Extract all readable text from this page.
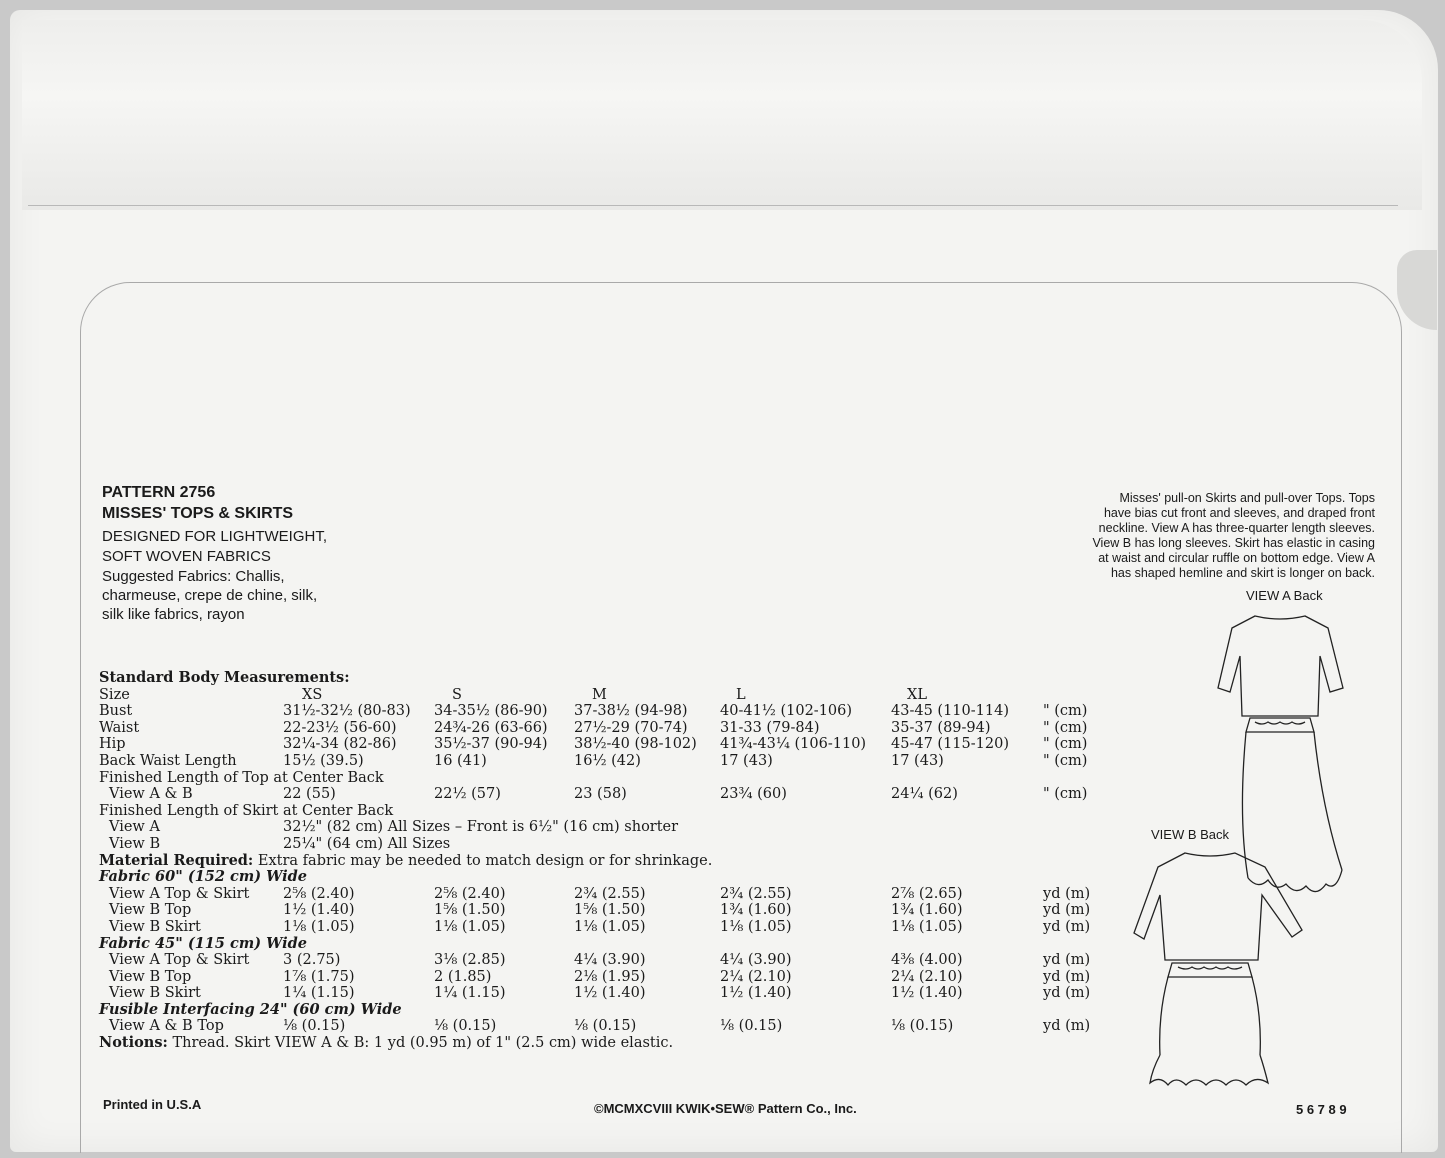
PATTERN 2756

MISSES' TOPS & SKIRTS

DESIGNED FOR LIGHTWEIGHT,

SOFT WOVEN FABRICS

Suggested Fabrics: Challis,

charmeuse, crepe de chine, silk,

silk like fabrics, rayon

Misses' pull-on Skirts and pull-over Tops. Tops
have bias cut front and sleeves, and draped front
neckline. View A has three-quarter length sleeves.
View B has long sleeves. Skirt has elastic in casing
at waist and circular ruffle on bottom edge. View A
has shaped hemline and skirt is longer on back.
VIEW A Back
VIEW B Back
Standard Body Measurements:
Size	XS	S	M	L	XL
Bust	31½-32½ (80-83) 34-35½ (86-90) 37-38½ (94-98) 40-41½ (102-106)	43-45 (110-114) " (cm)
Waist	22-23½ (56-60)	24¾-26 (63-66) 27½-29 (70-74) 31-33 (79-84)	35-37 (89-94)	" (cm)
Hip	32¼-34 (82-86)	35½-37 (90-94) 38½-40 (98-102) 41¾-43¼ (106-110) 45-47 (115-120) " (cm)
Back Waist Length	15½ (39.5)	16 (41)	16½ (42)	17 (43)	17 (43)	" (cm)
Finished Length of Top at Center Back
View A & B	22 (55)	22½ (57)	23 (58)	23¾ (60)	24¼ (62)	" (cm)
Finished Length of Skirt at Center Back
View A	32½" (82 cm) All Sizes – Front is 6½" (16 cm) shorter
View B	25¼" (64 cm) All Sizes
Material Required: Extra fabric may be needed to match design or for shrinkage.
Fabric 60" (152 cm) Wide
View A Top & Skirt 2⅝ (2.40)	2⅝ (2.40)	2¾ (2.55)	2¾ (2.55)	2⅞ (2.65)	yd (m)
View B Top	1½ (1.40)	1⅝ (1.50)	1⅝ (1.50)	1¾ (1.60)	1¾ (1.60)	yd (m)
View B Skirt	1⅛ (1.05)	1⅛ (1.05)	1⅛ (1.05)	1⅛ (1.05)	1⅛ (1.05)	yd (m)
Fabric 45" (115 cm) Wide
View A Top & Skirt 3 (2.75)	3⅛ (2.85)	4¼ (3.90)	4¼ (3.90)	4⅜ (4.00)	yd (m)
View B Top	1⅞ (1.75)	2 (1.85)	2⅛ (1.95)	2¼ (2.10)	2¼ (2.10)	yd (m)
View B Skirt	1¼ (1.15)	1¼ (1.15)	1½ (1.40)	1½ (1.40)	1½ (1.40)	yd (m)
Fusible Interfacing 24" (60 cm) Wide
View A & B Top	⅛ (0.15)	⅛ (0.15)	⅛ (0.15)	⅛ (0.15)	⅛ (0.15)	yd (m)
Notions: Thread. Skirt VIEW A & B: 1 yd (0.95 m) of 1" (2.5 cm) wide elastic.
Printed in U.S.A	©MCMXCVIII KWIK•SEW® Pattern Co., Inc.	5 6 7 8 9
